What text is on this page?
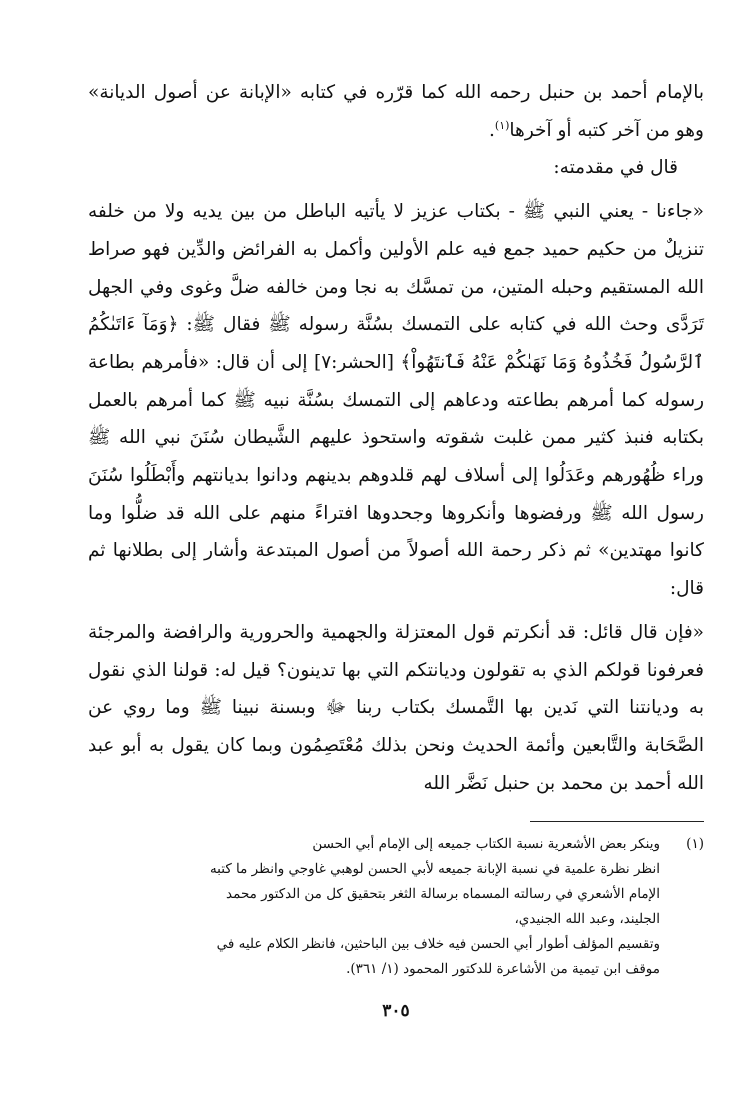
بالإمام أحمد بن حنبل رحمه الله كما قرّره في كتابه «الإبانة عن أصول الديانة» وهو من آخر كتبه أو آخرها$^{(١)}$.

قال في مقدمته:

«جاءنا - يعني النبي ﷺ - بكتاب عزيز لا يأتيه الباطل من بين يديه ولا من خلفه تنزيلٌ من حكيم حميد جمع فيه علم الأولين وأكمل به الفرائض والدِّين فهو صراط الله المستقيم وحبله المتين، من تمسَّك به نجا ومن خالفه ضلَّ وغوى وفي الجهل تَرَدَّى وحث الله في كتابه على التمسك بسُنَّة رسوله ﷺ فقال ﷺ: ﴿وَمَآ ءَاتَىٰكُمُ ٱلرَّسُولُ فَخُذُوهُ وَمَا نَهَىٰكُمْ عَنْهُ فَٱنتَهُواْ﴾ [الحشر:٧] إلى أن قال: «فأمرهم بطاعة رسوله كما أمرهم بطاعته ودعاهم إلى التمسك بسُنَّة نبيه ﷺ كما أمرهم بالعمل بكتابه فنبذ كثير ممن غلبت شقوته واستحوذ عليهم الشَّيطان سُنَنَ نبي الله ﷺ وراء ظُهُورهم وعَدَلُوا إلى أسلاف لهم قلدوهم بدينهم ودانوا بديانتهم وأَبْطَلُوا سُنَنَ رسول الله ﷺ ورفضوها وأنكروها وجحدوها افتراءً منهم على الله قد ضلُّوا وما كانوا مهتدين» ثم ذكر رحمة الله أصولاً من أصول المبتدعة وأشار إلى بطلانها ثم قال:

«فإن قال قائل: قد أنكرتم قول المعتزلة والجهمية والحرورية والرافضة والمرجئة فعرفونا قولكم الذي به تقولون وديانتكم التي بها تدينون؟ قيل له: قولنا الذي نقول به وديانتنا التي نَدين بها التَّمسك بكتاب ربنا ﷻ وبسنة نبينا ﷺ وما روي عن الصَّحَابة والتَّابعين وأئمة الحديث ونحن بذلك مُعْتَصِمُون وبما كان يقول به أبو عبد الله أحمد بن محمد بن حنبل نَضَّر الله

(١)

وينكر بعض الأشعرية نسبة الكتاب جميعه إلى الإمام أبي الحسن

انظر نظرة علمية في نسبة الإبانة جميعه لأبي الحسن لوهبي غاوجي وانظر ما كتبه

الإمام الأشعري في رسالته المسماه برسالة الثغر بتحقيق كل من الدكتور محمد

الجليند، وعبد الله الجنيدي،

وتقسيم المؤلف أطوار أبي الحسن فيه خلاف بين الباحثين، فانظر الكلام عليه في

موقف ابن تيمية من الأشاعرة للدكتور المحمود (١/ ٣٦١).

٣٠٥
